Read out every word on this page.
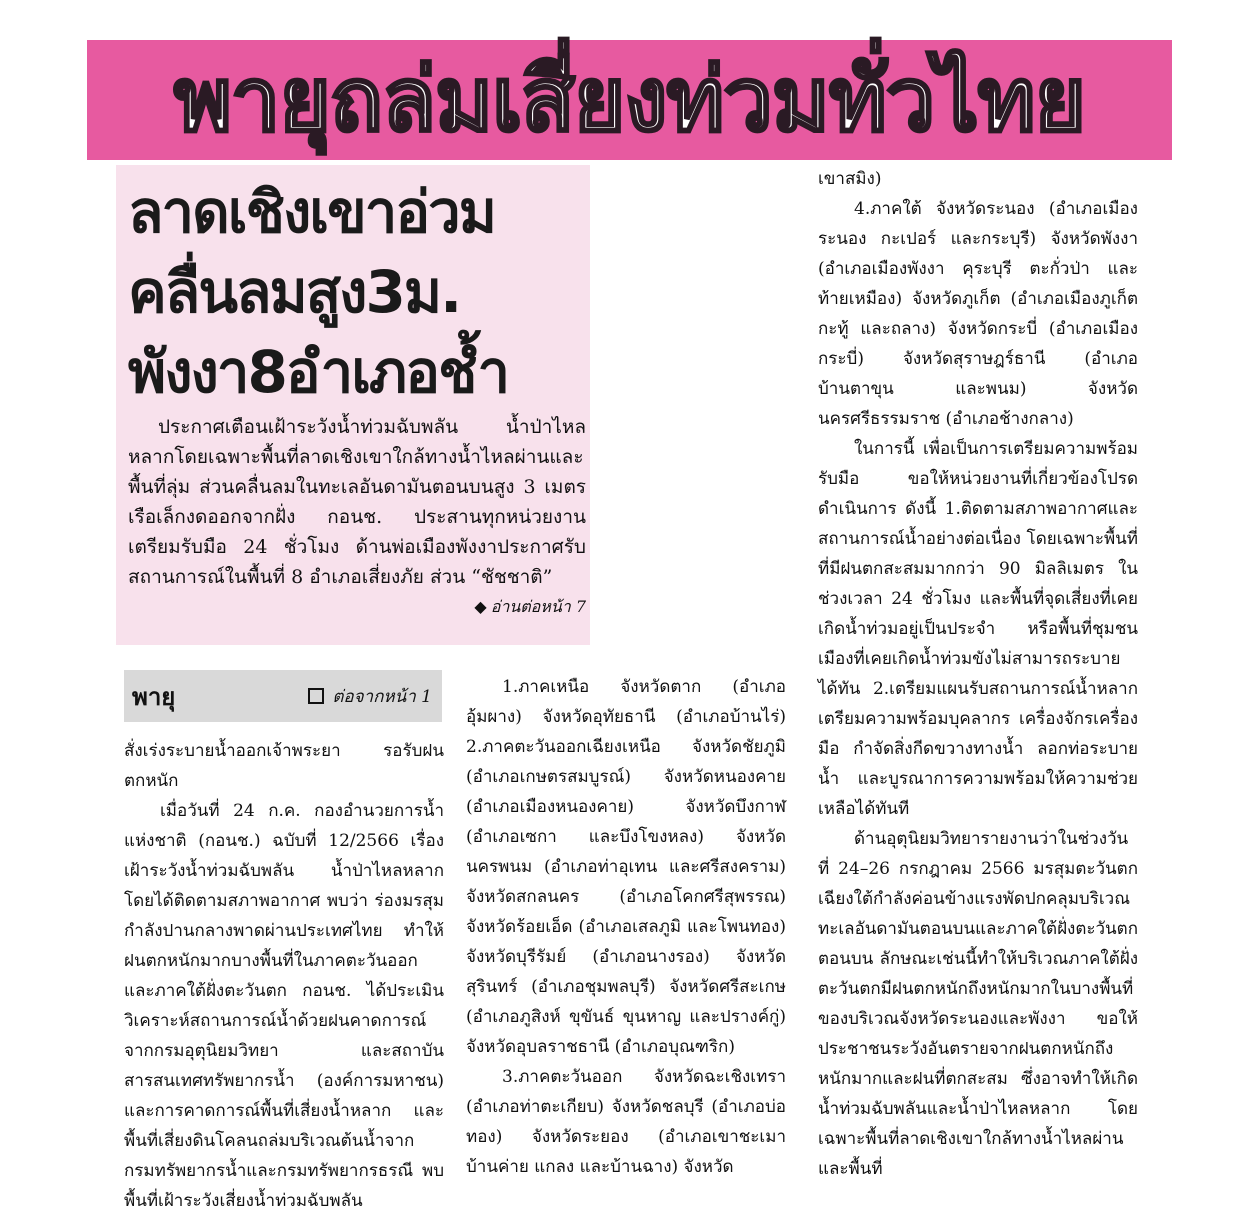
พายุถล่มเสี่ยงท่วมทั่วไทย
ลาดเชิงเขาอ่วม
คลื่นลมสูง3ม.
พังงา8อำเภอช้ำ

ประกาศเตือนเฝ้าระวังน้ำท่วมฉับพลัน น้ำป่าไหลหลากโดยเฉพาะพื้นที่ลาดเชิงเขาใกล้ทางน้ำไหลผ่านและพื้นที่ลุ่ม ส่วนคลื่นลมในทะเลอันดามันตอนบนสูง 3 เมตร เรือเล็กงดออกจากฝั่ง กอนช. ประสานทุกหน่วยงานเตรียมรับมือ 24 ชั่วโมง ด้านพ่อเมืองพังงาประกาศรับสถานการณ์ในพื้นที่ 8 อำเภอเสี่ยงภัย ส่วน “ชัชชาติ”
◆ อ่านต่อหน้า 7

พายุ	ต่อจากหน้า 1

สั่งเร่งระบายน้ำออกเจ้าพระยา รอรับฝนตกหนัก

เมื่อวันที่ 24 ก.ค. กองอำนวยการน้ำแห่งชาติ (กอนช.) ฉบับที่ 12/2566 เรื่อง เฝ้าระวังน้ำท่วมฉับพลัน น้ำป่าไหลหลาก โดยได้ติดตามสภาพอากาศ พบว่า ร่องมรสุมกำลังปานกลางพาดผ่านประเทศไทย ทำให้ฝนตกหนักมากบางพื้นที่ในภาคตะวันออก และภาคใต้ฝั่งตะวันตก กอนช. ได้ประเมินวิเคราะห์สถานการณ์น้ำด้วยฝนคาดการณ์จากกรมอุตุนิยมวิทยา และสถาบันสารสนเทศทรัพยากรน้ำ (องค์การมหาชน) และการคาดการณ์พื้นที่เสี่ยงน้ำหลาก และพื้นที่เสี่ยงดินโคลนถล่มบริเวณต้นน้ำจากกรมทรัพยากรน้ำและกรมทรัพยากรธรณี พบพื้นที่เฝ้าระวังเสี่ยงน้ำท่วมฉับพลัน

1.ภาคเหนือ จังหวัดตาก (อำเภออุ้มผาง) จังหวัดอุทัยธานี (อำเภอบ้านไร่) 2.ภาคตะวันออกเฉียงเหนือ จังหวัดชัยภูมิ (อำเภอเกษตรสมบูรณ์) จังหวัดหนองคาย (อำเภอเมืองหนองคาย) จังหวัดบึงกาฬ (อำเภอเซกา และบึงโขงหลง) จังหวัดนครพนม (อำเภอท่าอุเทน และศรีสงคราม) จังหวัดสกลนคร (อำเภอโคกศรีสุพรรณ) จังหวัดร้อยเอ็ด (อำเภอเสลภูมิ และโพนทอง) จังหวัดบุรีรัมย์ (อำเภอนางรอง) จังหวัดสุรินทร์ (อำเภอชุมพลบุรี) จังหวัดศรีสะเกษ (อำเภอภูสิงห์ ขุขันธ์ ขุนหาญ และปรางค์กู่) จังหวัดอุบลราชธานี (อำเภอบุณฑริก)

3.ภาคตะวันออก จังหวัดฉะเชิงเทรา (อำเภอท่าตะเกียบ) จังหวัดชลบุรี (อำเภอบ่อทอง) จังหวัดระยอง (อำเภอเขาชะเมา บ้านค่าย แกลง และบ้านฉาง) จังหวัด

เขาสมิง)

4.ภาคใต้ จังหวัดระนอง (อำเภอเมืองระนอง กะเปอร์ และกระบุรี) จังหวัดพังงา (อำเภอเมืองพังงา คุระบุรี ตะกั่วป่า และท้ายเหมือง) จังหวัดภูเก็ต (อำเภอเมืองภูเก็ต กะทู้ และถลาง) จังหวัดกระบี่ (อำเภอเมืองกระบี่) จังหวัดสุราษฎร์ธานี (อำเภอบ้านตาขุน และพนม) จังหวัดนครศรีธรรมราช (อำเภอช้างกลาง)

ในการนี้ เพื่อเป็นการเตรียมความพร้อมรับมือ ขอให้หน่วยงานที่เกี่ยวข้องโปรดดำเนินการ ดังนี้ 1.ติดตามสภาพอากาศและสถานการณ์น้ำอย่างต่อเนื่อง โดยเฉพาะพื้นที่ที่มีฝนตกสะสมมากกว่า 90 มิลลิเมตร ในช่วงเวลา 24 ชั่วโมง และพื้นที่จุดเสี่ยงที่เคยเกิดน้ำท่วมอยู่เป็นประจำ หรือพื้นที่ชุมชนเมืองที่เคยเกิดน้ำท่วมขังไม่สามารถระบายได้ทัน 2.เตรียมแผนรับสถานการณ์น้ำหลาก เตรียมความพร้อมบุคลากร เครื่องจักรเครื่องมือ กำจัดสิ่งกีดขวางทางน้ำ ลอกท่อระบายน้ำ และบูรณาการความพร้อมให้ความช่วยเหลือได้ทันที

ด้านอุตุนิยมวิทยารายงานว่าในช่วงวันที่ 24–26 กรกฎาคม 2566 มรสุมตะวันตกเฉียงใต้กำลังค่อนข้างแรงพัดปกคลุมบริเวณทะเลอันดามันตอนบนและภาคใต้ฝั่งตะวันตกตอนบน ลักษณะเช่นนี้ทำให้บริเวณภาคใต้ฝั่งตะวันตกมีฝนตกหนักถึงหนักมากในบางพื้นที่ของบริเวณจังหวัดระนองและพังงา ขอให้ประชาชนระวังอันตรายจากฝนตกหนักถึงหนักมากและฝนที่ตกสะสม ซึ่งอาจทำให้เกิดน้ำท่วมฉับพลันและน้ำป่าไหลหลาก โดยเฉพาะพื้นที่ลาดเชิงเขาใกล้ทางน้ำไหลผ่านและพื้นที่
